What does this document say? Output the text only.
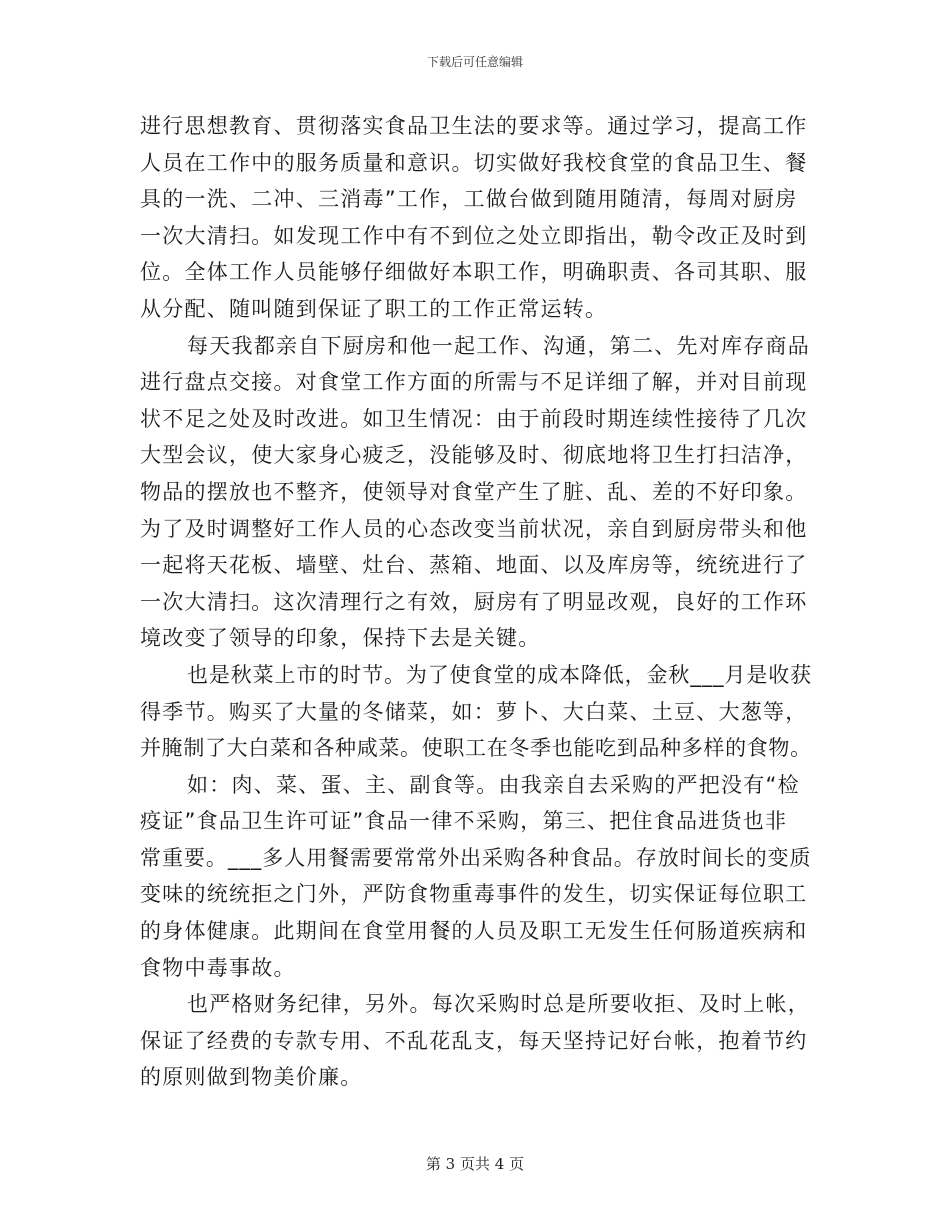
下载后可任意编辑
进行思想教育、贯彻落实食品卫生法的要求等。通过学习，提高工作
人员在工作中的服务质量和意识。切实做好我校食堂的食品卫生、餐
具的一洗、二冲、三消毒”工作，工做台做到随用随清，每周对厨房
一次大清扫。如发现工作中有不到位之处立即指出，勒令改正及时到
位。全体工作人员能够仔细做好本职工作，明确职责、各司其职、服
从分配、随叫随到保证了职工的工作正常运转。
每天我都亲自下厨房和他一起工作、沟通，第二、先对库存商品
进行盘点交接。对食堂工作方面的所需与不足详细了解，并对目前现
状不足之处及时改进。如卫生情况：由于前段时期连续性接待了几次
大型会议，使大家身心疲乏，没能够及时、彻底地将卫生打扫洁净，
物品的摆放也不整齐，使领导对食堂产生了脏、乱、差的不好印象。
为了及时调整好工作人员的心态改变当前状况，亲自到厨房带头和他
一起将天花板、墙壁、灶台、蒸箱、地面、以及库房等，统统进行了
一次大清扫。这次清理行之有效，厨房有了明显改观，良好的工作环
境改变了领导的印象，保持下去是关键。
也是秋菜上市的时节。为了使食堂的成本降低，金秋___月是收获
得季节。购买了大量的冬储菜，如：萝卜、大白菜、土豆、大葱等，
并腌制了大白菜和各种咸菜。使职工在冬季也能吃到品种多样的食物。
如：肉、菜、蛋、主、副食等。由我亲自去采购的严把没有“检
疫证”食品卫生许可证”食品一律不采购，第三、把住食品进货也非
常重要。___多人用餐需要常常外出采购各种食品。存放时间长的变质
变味的统统拒之门外，严防食物重毒事件的发生，切实保证每位职工
的身体健康。此期间在食堂用餐的人员及职工无发生任何肠道疾病和
食物中毒事故。
也严格财务纪律，另外。每次采购时总是所要收拒、及时上帐，
保证了经费的专款专用、不乱花乱支，每天坚持记好台帐，抱着节约
的原则做到物美价廉。
第 3 页共 4 页
